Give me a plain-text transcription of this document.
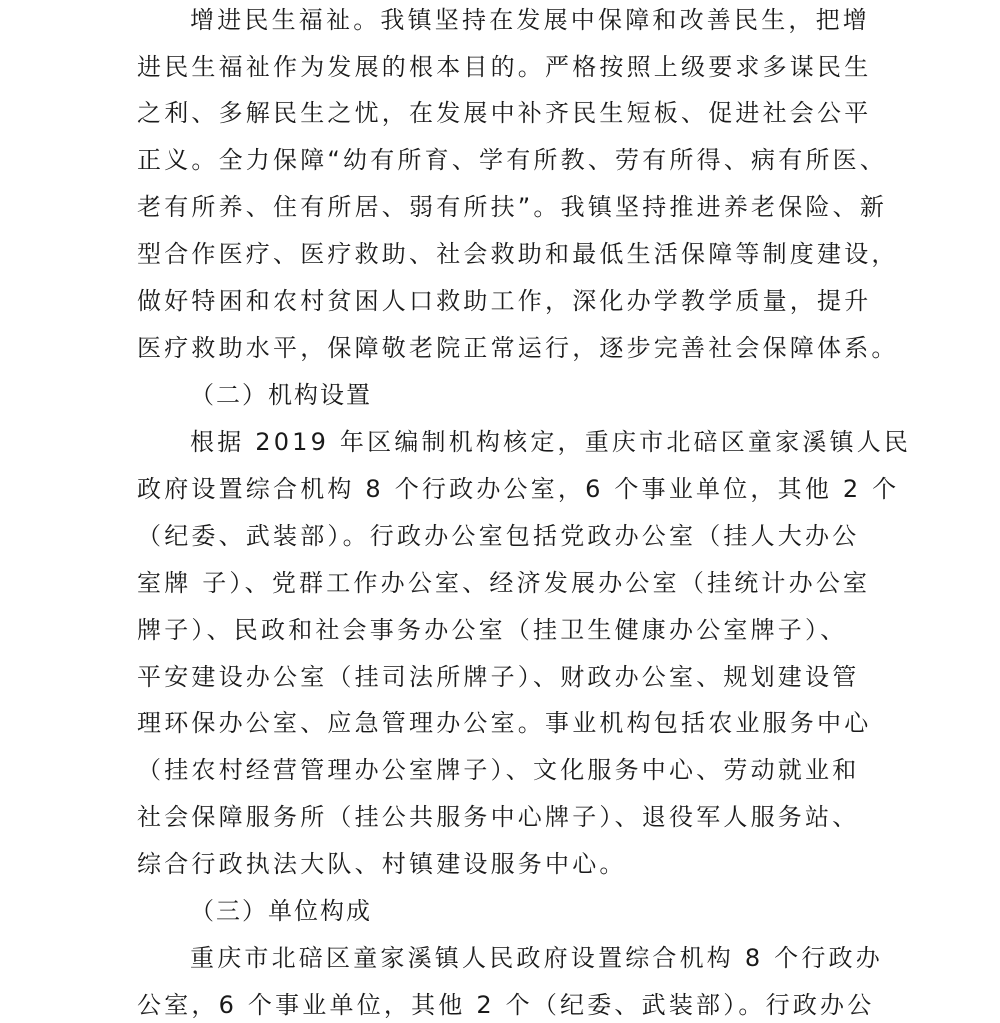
增进民生福祉。我镇坚持在发展中保障和改善民生，把增
进民生福祉作为发展的根本目的。严格按照上级要求多谋民生
之利、多解民生之忧，在发展中补齐民生短板、促进社会公平
正义。全力保障“幼有所育、学有所教、劳有所得、病有所医、
老有所养、住有所居、弱有所扶”。我镇坚持推进养老保险、新
型合作医疗、医疗救助、社会救助和最低生活保障等制度建设，
做好特困和农村贫困人口救助工作，深化办学教学质量，提升
医疗救助水平，保障敬老院正常运行，逐步完善社会保障体系。
（二）机构设置
根据 2019 年区编制机构核定，重庆市北碚区童家溪镇人民
政府设置综合机构 8 个行政办公室，6 个事业单位，其他 2 个
（纪委、武装部）。行政办公室包括党政办公室（挂人大办公
室牌 子）、党群工作办公室、经济发展办公室（挂统计办公室
牌子）、民政和社会事务办公室（挂卫生健康办公室牌子）、
平安建设办公室（挂司法所牌子）、财政办公室、规划建设管
理环保办公室、应急管理办公室。事业机构包括农业服务中心
（挂农村经营管理办公室牌子）、文化服务中心、劳动就业和
社会保障服务所（挂公共服务中心牌子）、退役军人服务站、
综合行政执法大队、村镇建设服务中心。
（三）单位构成
重庆市北碚区童家溪镇人民政府设置综合机构 8 个行政办
公室，6 个事业单位，其他 2 个（纪委、武装部）。行政办公
